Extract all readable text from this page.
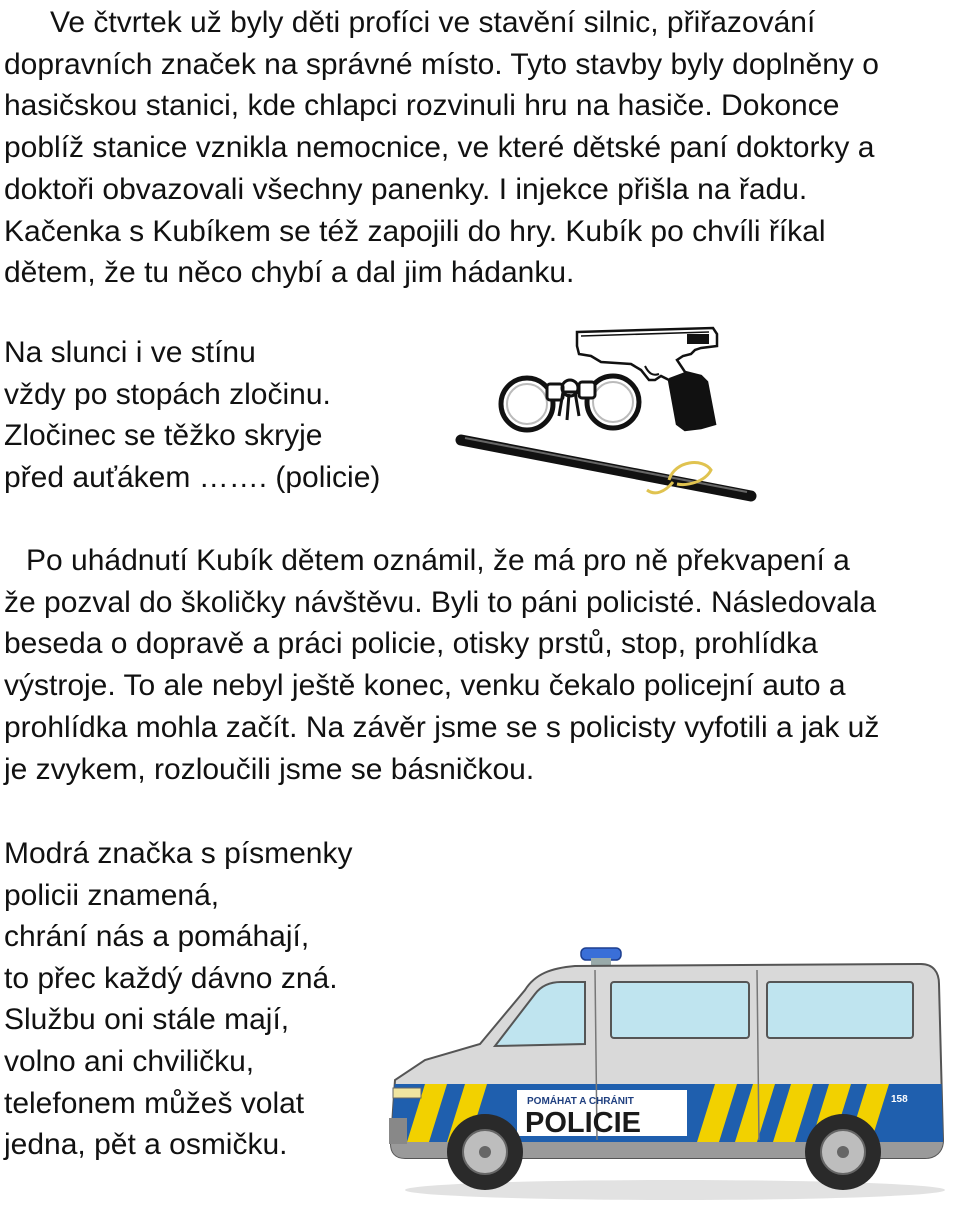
Ve čtvrtek už byly děti profíci ve stavění silnic, přiřazování
dopravních značek na správné místo. Tyto stavby byly doplněny o
hasičskou stanici, kde chlapci rozvinuli hru na hasiče. Dokonce
poblíž stanice vznikla nemocnice, ve které dětské paní doktorky a
doktoři obvazovali všechny panenky. I injekce přišla na řadu.
Kačenka s Kubíkem se též zapojili do hry. Kubík po chvíli říkal
dětem, že tu něco chybí a dal jim hádanku.
Na slunci i ve stínu
vždy po stopách zločinu.
Zločinec se těžko skryje
před auťákem ……. (policie)
Po uhádnutí Kubík dětem oznámil, že má pro ně překvapení a
že pozval do školičky návštěvu. Byli to páni policisté. Následovala
beseda o dopravě a práci policie, otisky prstů, stop, prohlídka
výstroje. To ale nebyl ještě konec, venku čekalo policejní auto a
prohlídka mohla začít. Na závěr jsme se s policisty vyfotili a jak už
je zvykem, rozloučili jsme se básničkou.
Modrá značka s písmenky
policii znamená,
chrání nás a pomáhají,
to přec každý dávno zná.
Službu oni stále mají,
volno ani chviličku,
telefonem můžeš volat
jedna, pět a osmičku.
POMÁHAT A CHRÁNIT
POLICIE
158
